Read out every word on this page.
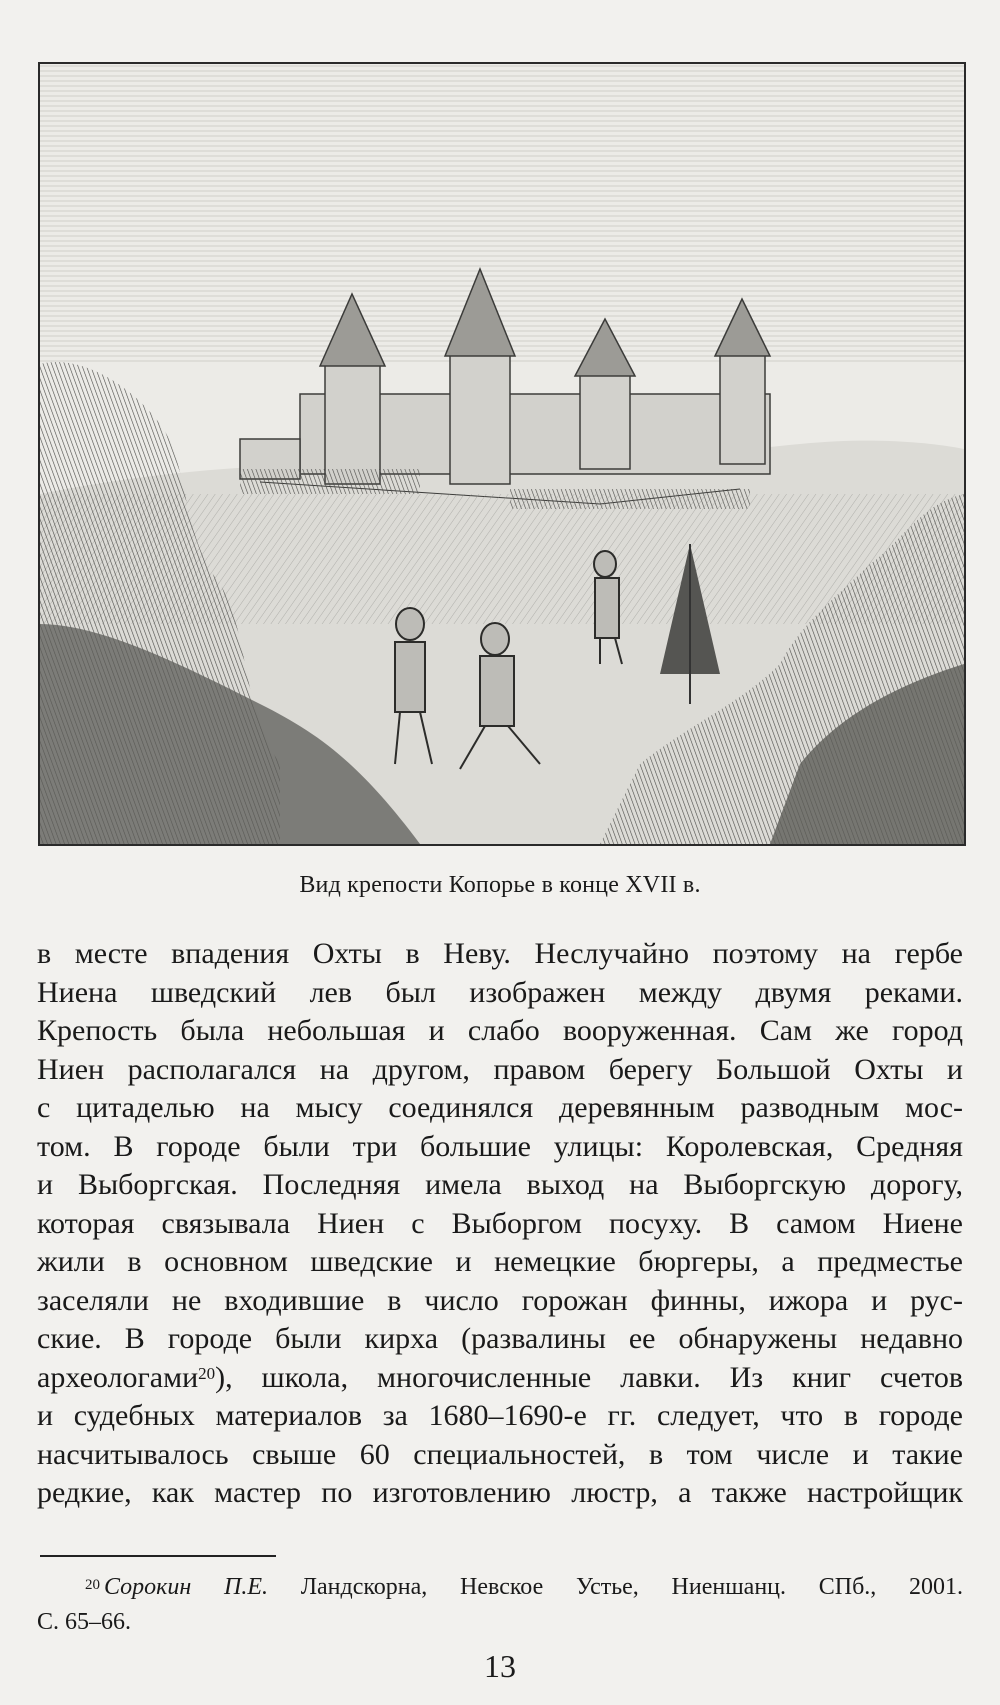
Вид крепости Копорье в конце XVII в.
в месте впадения Охты в Неву. Неслучайно поэтому на гербе
Ниена шведский лев был изображен между двумя реками.
Крепость была небольшая и слабо вооруженная. Сам же город
Ниен располагался на другом, правом берегу Большой Охты и
с цитаделью на мысу соединялся деревянным разводным мос-
том. В городе были три большие улицы: Королевская, Средняя
и Выборгская. Последняя имела выход на Выборгскую дорогу,
которая связывала Ниен с Выборгом посуху. В самом Ниене
жили в основном шведские и немецкие бюргеры, а предместье
заселяли не входившие в число горожан финны, ижора и рус-
ские. В городе были кирха (развалины ее обнаружены недавно
археологами$^{20}$), школа, многочисленные лавки. Из книг счетов
и судебных материалов за 1680–1690-е гг. следует, что в городе
насчитывалось свыше 60 специальностей, в том числе и такие
редкие, как мастер по изготовлению люстр, а также настройщик
$^{20}$ Сорокин П.Е. Ландскорна, Невское Устье, Ниеншанц. СПб., 2001.
С. 65–66.
13
